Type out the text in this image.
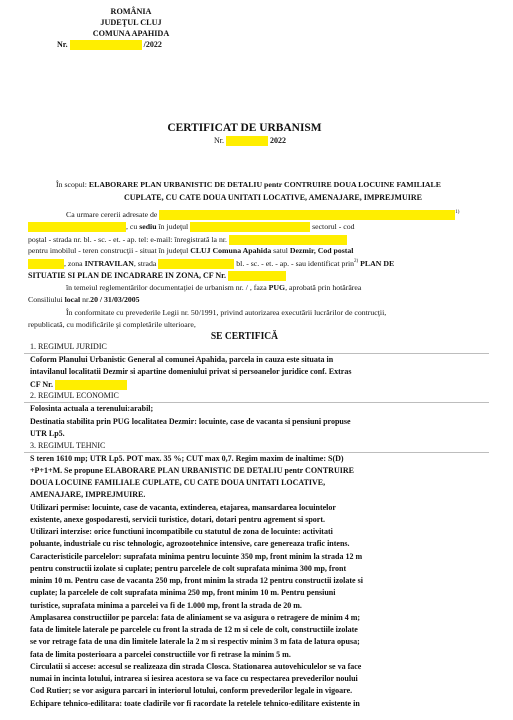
ROMÂNIA
JUDEŢUL CLUJ
COMUNA APAHIDA
Nr.	/2022
CERTIFICAT DE URBANISM
Nr.	2022
În scopul: ELABORARE PLAN URBANISTIC DE DETALIU pentr CONTRUIRE DOUA LOCUINE FAMILIALE
CUPLATE, CU CATE DOUA UNITATI LOCATIVE, AMENAJARE, IMPREJMUIRE
Ca urmare cererii adresate de	$^{1)}$
, cu sediu în judeţul	sectorul - cod
poştal - strada nr. bl. - sc. - et. - ap. tel: e-mail: înregistrată la nr.
pentru imobilul - teren construcţii - situat în judeţul CLUJ Comuna Apahida satul Dezmir, Cod postal
, zona INTRAVILAN, strada	bl. - sc. - et. - ap. - sau identificat prin$^{2)}$ PLAN DE
SITUATIE SI PLAN DE INCADRARE IN ZONA, CF Nr.
în temeiul reglementărilor documentaţiei de urbanism nr. / , faza PUG, aprobată prin hotărârea
Consiliului local nr.20 / 31/03/2005
În conformitate cu prevederile Legii nr. 50/1991, privind autorizarea executării lucrărilor de contrucţii,
republicată, cu modificările şi completările ulterioare,
SE CERTIFICĂ
1. REGIMUL JURIDIC
Coform Planului Urbanistic General al comunei Apahida, parcela in cauza este situata in
intavilanul localitatii Dezmir si apartine domeniului privat si persoanelor juridice conf. Extras
CF Nr.
2. REGIMUL ECONOMIC
Folosinta actuala a terenului:arabil;
Destinatia stabilita prin PUG localitatea Dezmir: locuinte, case de vacanta si pensiuni propuse
UTR Lp5.
3. REGIMUL TEHNIC
S teren 1610 mp; UTR Lp5. POT max. 35 %; CUT max 0,7. Regim maxim de inaltime: S(D)
+P+1+M. Se propune ELABORARE PLAN URBANISTIC DE DETALIU pentr CONTRUIRE
DOUA LOCUINE FAMILIALE CUPLATE, CU CATE DOUA UNITATI LOCATIVE,
AMENAJARE, IMPREJMUIRE.
Utilizari permise: locuinte, case de vacanta, extinderea, etajarea, mansardarea locuintelor
existente, anexe gospodaresti, servicii turistice, dotari, dotari pentru agrement si sport.
Utilizari interzise: orice functiuni incompatibile cu statutul de zona de locuinte: activitati
poluante, industriale cu risc tehnologic, agrozootehnice intensive, care genereaza trafic intens.
Caracteristicile parcelelor: suprafata minima pentru locuinte 350 mp, front minim la strada 12 m
pentru constructii izolate si cuplate; pentru parcelele de colt suprafata minima 300 mp, front
minim 10 m. Pentru case de vacanta 250 mp, front minim la strada 12 pentru constructii izolate si
cuplate; la parcelele de colt suprafata minima 250 mp, front minim 10 m. Pentru pensiuni
turistice, suprafata minima a parcelei va fi de 1.000 mp, front la strada de 20 m.
Amplasarea constructiilor pe parcela: fata de aliniament se va asigura o retragere de minim 4 m;
fata de limitele laterale pe parcelele cu front la strada de 12 m si cele de colt, constructiile izolate
se vor retrage fata de una din limitele laterale la 2 m si respectiv minim 3 m fata de latura opusa;
fata de limita posterioara a parcelei constructiile vor fi retrase la minim 5 m.
Circulatii si accese: accesul se realizeaza din strada Closca. Stationarea autovehiculelor se va face
numai in incinta lotului, intrarea si iesirea acestora se va face cu respectarea prevederilor noului
Cod Rutier; se vor asigura parcari in interiorul lotului, conform prevederilor legale in vigoare.
Echipare tehnico-edilitara: toate cladirile vor fi racordate la retelele tehnico-edilitare existente in
